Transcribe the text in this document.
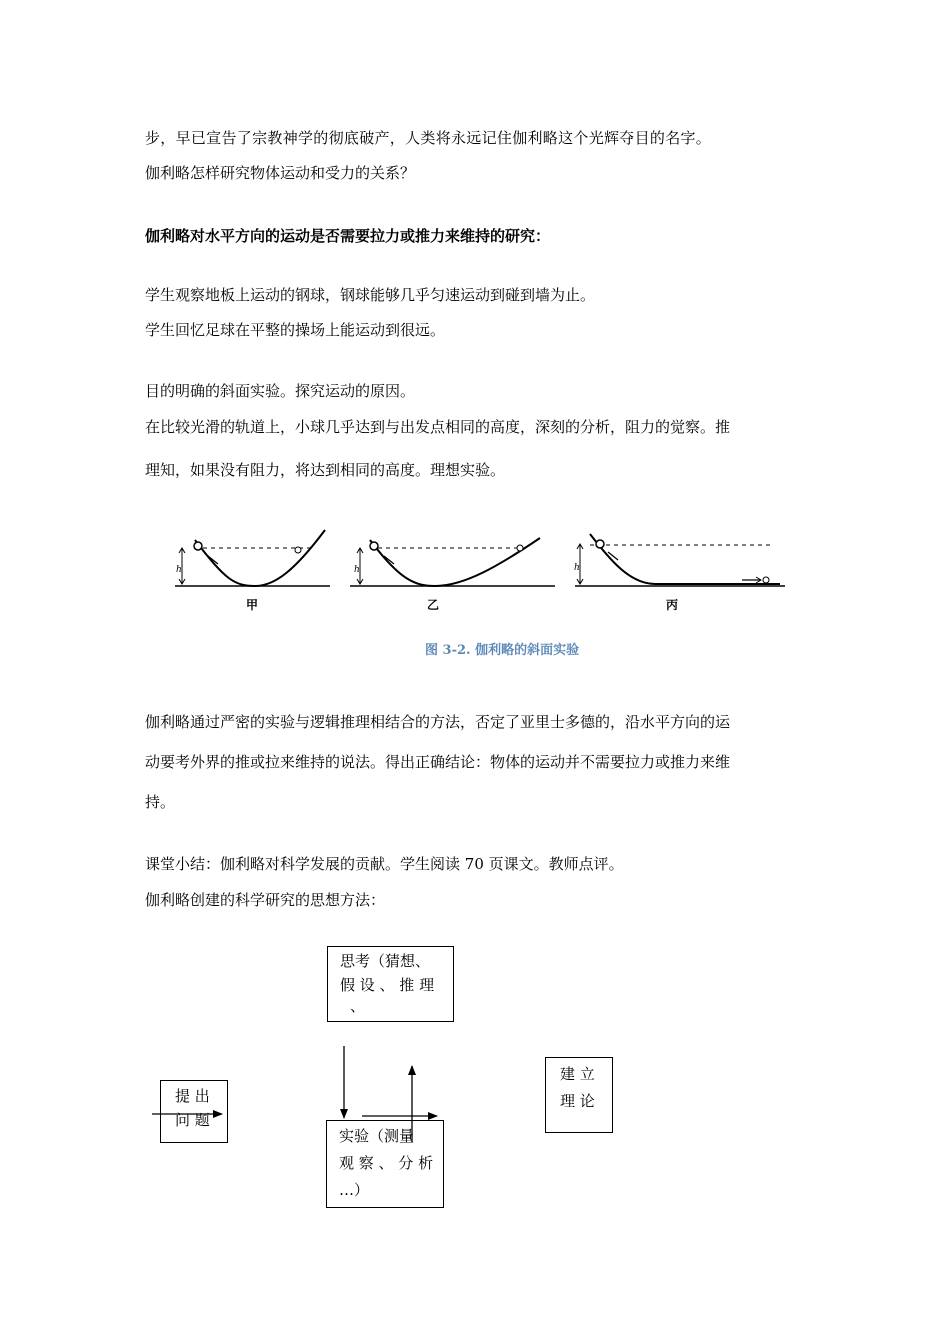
步，早已宣告了宗教神学的彻底破产，人类将永远记住伽利略这个光辉夺目的名字。
伽利略怎样研究物体运动和受力的关系？
伽利略对水平方向的运动是否需要拉力或推力来维持的研究：
学生观察地板上运动的钢球，钢球能够几乎匀速运动到碰到墙为止。
学生回忆足球在平整的操场上能运动到很远。
目的明确的斜面实验。探究运动的原因。
在比较光滑的轨道上，小球几乎达到与出发点相同的高度，深刻的分析，阻力的觉察。推
理知，如果没有阻力，将达到相同的高度。理想实验。
h	h	h
甲	乙	丙
图 3-2. 伽利略的斜面实验
伽利略通过严密的实验与逻辑推理相结合的方法，否定了亚里士多德的，沿水平方向的运
动要考外界的推或拉来维持的说法。得出正确结论：物体的运动并不需要拉力或推力来维
持。
课堂小结：伽利略对科学发展的贡献。学生阅读 70 页课文。教师点评。
伽利略创建的科学研究的思想方法：
思考（猜想、
假 设 、 推 理
、
提 出
问 题
建 立
理 论
实验（测量
观 察 、 分 析
…）
